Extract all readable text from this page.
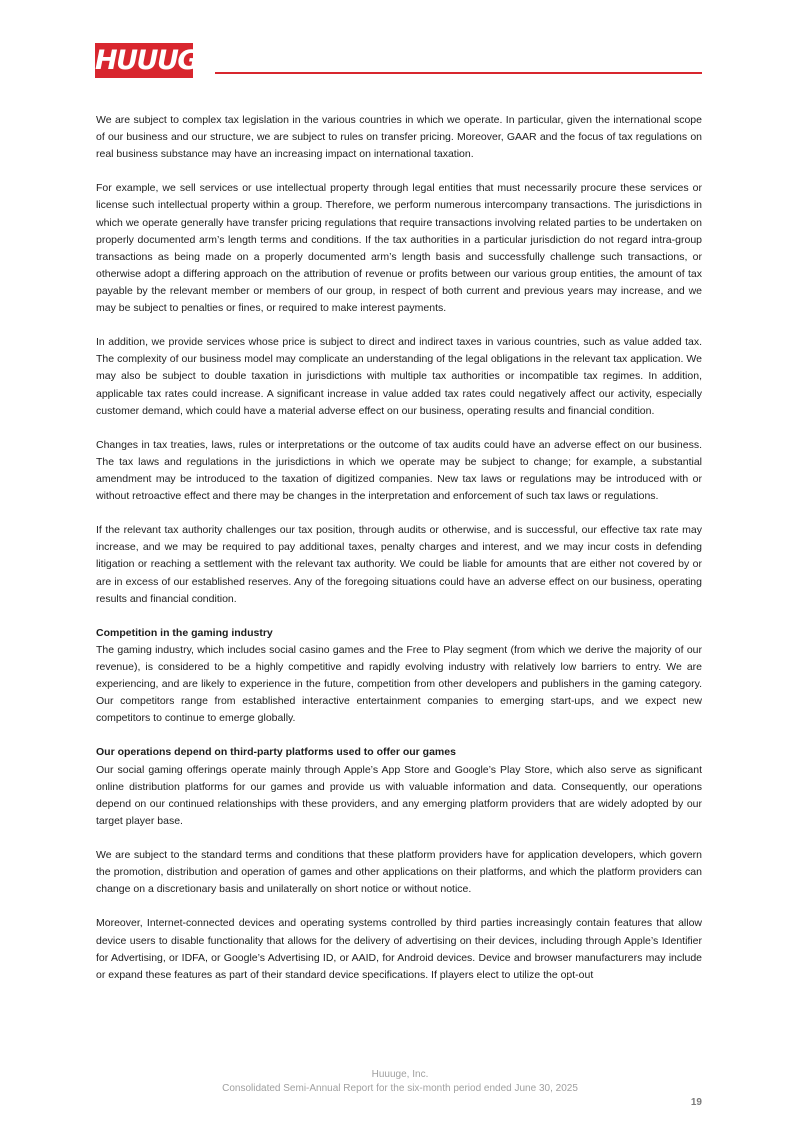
HUUUGE

We are subject to complex tax legislation in the various countries in which we operate. In particular, given the international scope of our business and our structure, we are subject to rules on transfer pricing. Moreover, GAAR and the focus of tax regulations on real business substance may have an increasing impact on international taxation.

For example, we sell services or use intellectual property through legal entities that must necessarily procure these services or license such intellectual property within a group. Therefore, we perform numerous intercompany transactions. The jurisdictions in which we operate generally have transfer pricing regulations that require transactions involving related parties to be undertaken on properly documented arm’s length terms and conditions. If the tax authorities in a particular jurisdiction do not regard intra-group transactions as being made on a properly documented arm’s length basis and successfully challenge such transactions, or otherwise adopt a differing approach on the attribution of revenue or profits between our various group entities, the amount of tax payable by the relevant member or members of our group, in respect of both current and previous years may increase, and we may be subject to penalties or fines, or required to make interest payments.

In addition, we provide services whose price is subject to direct and indirect taxes in various countries, such as value added tax. The complexity of our business model may complicate an understanding of the legal obligations in the relevant tax application. We may also be subject to double taxation in jurisdictions with multiple tax authorities or incompatible tax regimes. In addition, applicable tax rates could increase. A significant increase in value added tax rates could negatively affect our activity, especially customer demand, which could have a material adverse effect on our business, operating results and financial condition.

Changes in tax treaties, laws, rules or interpretations or the outcome of tax audits could have an adverse effect on our business. The tax laws and regulations in the jurisdictions in which we operate may be subject to change; for example, a substantial amendment may be introduced to the taxation of digitized companies. New tax laws or regulations may be introduced with or without retroactive effect and there may be changes in the interpretation and enforcement of such tax laws or regulations.

If the relevant tax authority challenges our tax position, through audits or otherwise, and is successful, our effective tax rate may increase, and we may be required to pay additional taxes, penalty charges and interest, and we may incur costs in defending litigation or reaching a settlement with the relevant tax authority. We could be liable for amounts that are either not covered by or are in excess of our established reserves. Any of the foregoing situations could have an adverse effect on our business, operating results and financial condition.

Competition in the gaming industry

The gaming industry, which includes social casino games and the Free to Play segment (from which we derive the majority of our revenue), is considered to be a highly competitive and rapidly evolving industry with relatively low barriers to entry. We are experiencing, and are likely to experience in the future, competition from other developers and publishers in the gaming category. Our competitors range from established interactive entertainment companies to emerging start-ups, and we expect new competitors to continue to emerge globally.

Our operations depend on third-party platforms used to offer our games

Our social gaming offerings operate mainly through Apple’s App Store and Google’s Play Store, which also serve as significant online distribution platforms for our games and provide us with valuable information and data. Consequently, our operations depend on our continued relationships with these providers, and any emerging platform providers that are widely adopted by our target player base.

We are subject to the standard terms and conditions that these platform providers have for application developers, which govern the promotion, distribution and operation of games and other applications on their platforms, and which the platform providers can change on a discretionary basis and unilaterally on short notice or without notice.

Moreover, Internet-connected devices and operating systems controlled by third parties increasingly contain features that allow device users to disable functionality that allows for the delivery of advertising on their devices, including through Apple’s Identifier for Advertising, or IDFA, or Google’s Advertising ID, or AAID, for Android devices. Device and browser manufacturers may include or expand these features as part of their standard device specifications. If players elect to utilize the opt-out

Huuuge, Inc.
Consolidated Semi-Annual Report for the six-month period ended June 30, 2025
19
